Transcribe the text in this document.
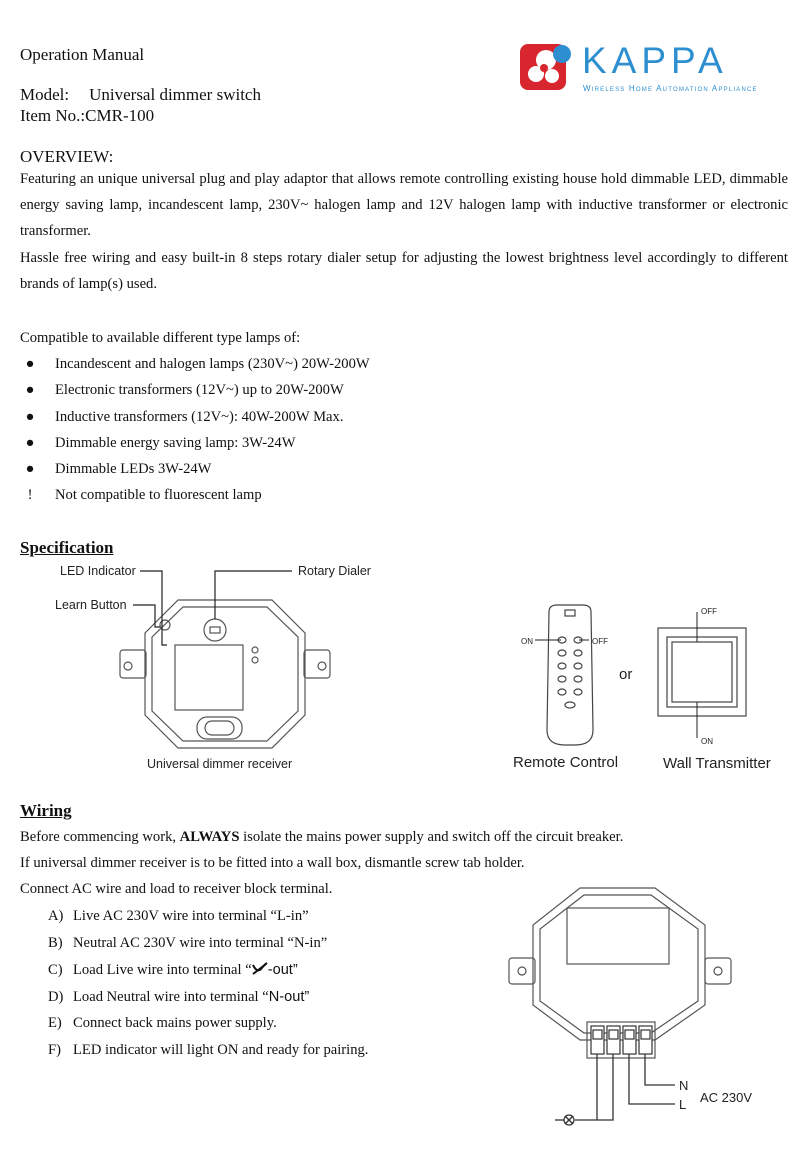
Operation Manual
Model: Universal dimmer switch
Item No.:CMR-100
KAPPA
Wireless Home Automation Appliance
OVERVIEW:
Featuring an unique universal plug and play adaptor that allows remote controlling existing house hold dimmable LED, dimmable energy saving lamp, incandescent lamp, 230V~ halogen lamp and 12V halogen lamp with inductive transformer or electronic transformer.
Hassle free wiring and easy built-in 8 steps rotary dialer setup for adjusting the lowest brightness level accordingly to different brands of lamp(s) used.
Compatible to available different type lamps of:
●	Incandescent and halogen lamps (230V~) 20W-200W
●	Electronic transformers (12V~) up to 20W-200W
●	Inductive transformers (12V~): 40W-200W Max.
●	Dimmable energy saving lamp: 3W-24W
●	Dimmable LEDs 3W-24W
!	Not compatible to fluorescent lamp
Specification
LED Indicator
Learn Button
Rotary Dialer
Universal dimmer receiver
ON	OFF
OFF
ON
or
Remote Control	Wall Transmitter
Wiring
Before commencing work, ALWAYS isolate the mains power supply and switch off the circuit breaker.
If universal dimmer receiver is to be fitted into a wall box, dismantle screw tab holder.
Connect AC wire and load to receiver block terminal.
A) Live AC 230V wire into terminal “L-in”
B) Neutral AC 230V wire into terminal “N-in”
C) Load Live wire into terminal “ -out”
D) Load Neutral wire into terminal “N-out”
E) Connect back mains power supply.
F) LED indicator will light ON and ready for pairing.
N
L AC 230V
